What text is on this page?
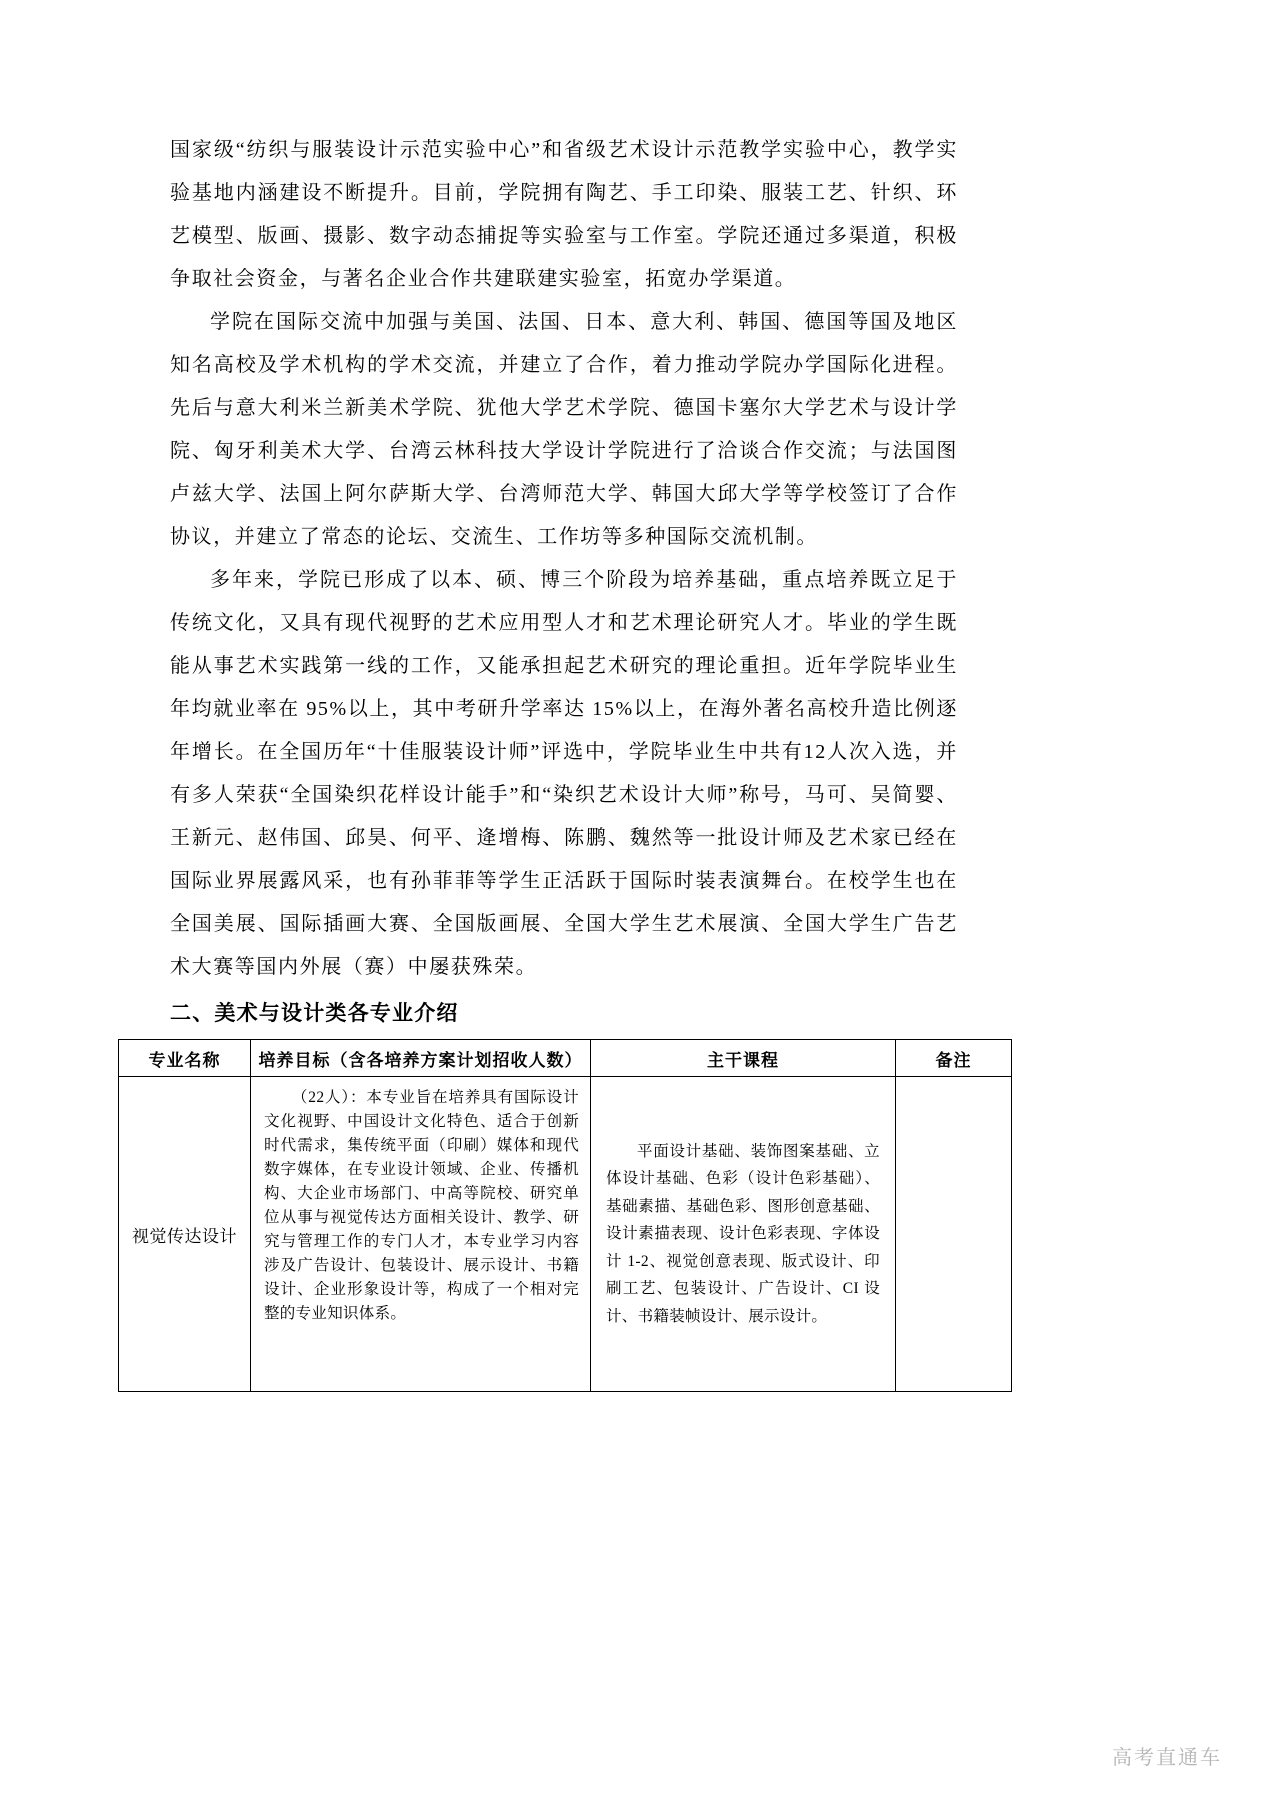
国家级“纺织与服装设计示范实验中心”和省级艺术设计示范教学实验中心，教学实验基地内涵建设不断提升。目前，学院拥有陶艺、手工印染、服装工艺、针织、环艺模型、版画、摄影、数字动态捕捉等实验室与工作室。学院还通过多渠道，积极争取社会资金，与著名企业合作共建联建实验室，拓宽办学渠道。

学院在国际交流中加强与美国、法国、日本、意大利、韩国、德国等国及地区知名高校及学术机构的学术交流，并建立了合作，着力推动学院办学国际化进程。先后与意大利米兰新美术学院、犹他大学艺术学院、德国卡塞尔大学艺术与设计学院、匈牙利美术大学、台湾云林科技大学设计学院进行了洽谈合作交流；与法国图卢兹大学、法国上阿尔萨斯大学、台湾师范大学、韩国大邱大学等学校签订了合作协议，并建立了常态的论坛、交流生、工作坊等多种国际交流机制。

多年来，学院已形成了以本、硕、博三个阶段为培养基础，重点培养既立足于传统文化，又具有现代视野的艺术应用型人才和艺术理论研究人才。毕业的学生既能从事艺术实践第一线的工作，又能承担起艺术研究的理论重担。近年学院毕业生年均就业率在 95%以上，其中考研升学率达 15%以上，在海外著名高校升造比例逐年增长。在全国历年“十佳服装设计师”评选中，学院毕业生中共有12人次入选，并有多人荣获“全国染织花样设计能手”和“染织艺术设计大师”称号，马可、吴简婴、王新元、赵伟国、邱昊、何平、逄增梅、陈鹏、魏然等一批设计师及艺术家已经在国际业界展露风采，也有孙菲菲等学生正活跃于国际时装表演舞台。在校学生也在全国美展、国际插画大赛、全国版画展、全国大学生艺术展演、全国大学生广告艺术大赛等国内外展（赛）中屡获殊荣。

二、美术与设计类各专业介绍
专业名称	培养目标（含各培养方案计划招收人数）	主干课程	备注
视觉传达设计	（22人）：本专业旨在培养具有国际设计文化视野、中国设计文化特色、适合于创新时代需求，集传统平面（印刷）媒体和现代数字媒体，在专业设计领域、企业、传播机构、大企业市场部门、中高等院校、研究单位从事与视觉传达方面相关设计、教学、研究与管理工作的专门人才，本专业学习内容涉及广告设计、包装设计、展示设计、书籍设计、企业形象设计等，构成了一个相对完整的专业知识体系。	平面设计基础、装饰图案基础、立体设计基础、色彩（设计色彩基础）、基础素描、基础色彩、图形创意基础、设计素描表现、设计色彩表现、字体设计 1-2、视觉创意表现、版式设计、印刷工艺、包装设计、广告设计、CI 设计、书籍装帧设计、展示设计。	

高考直通车
